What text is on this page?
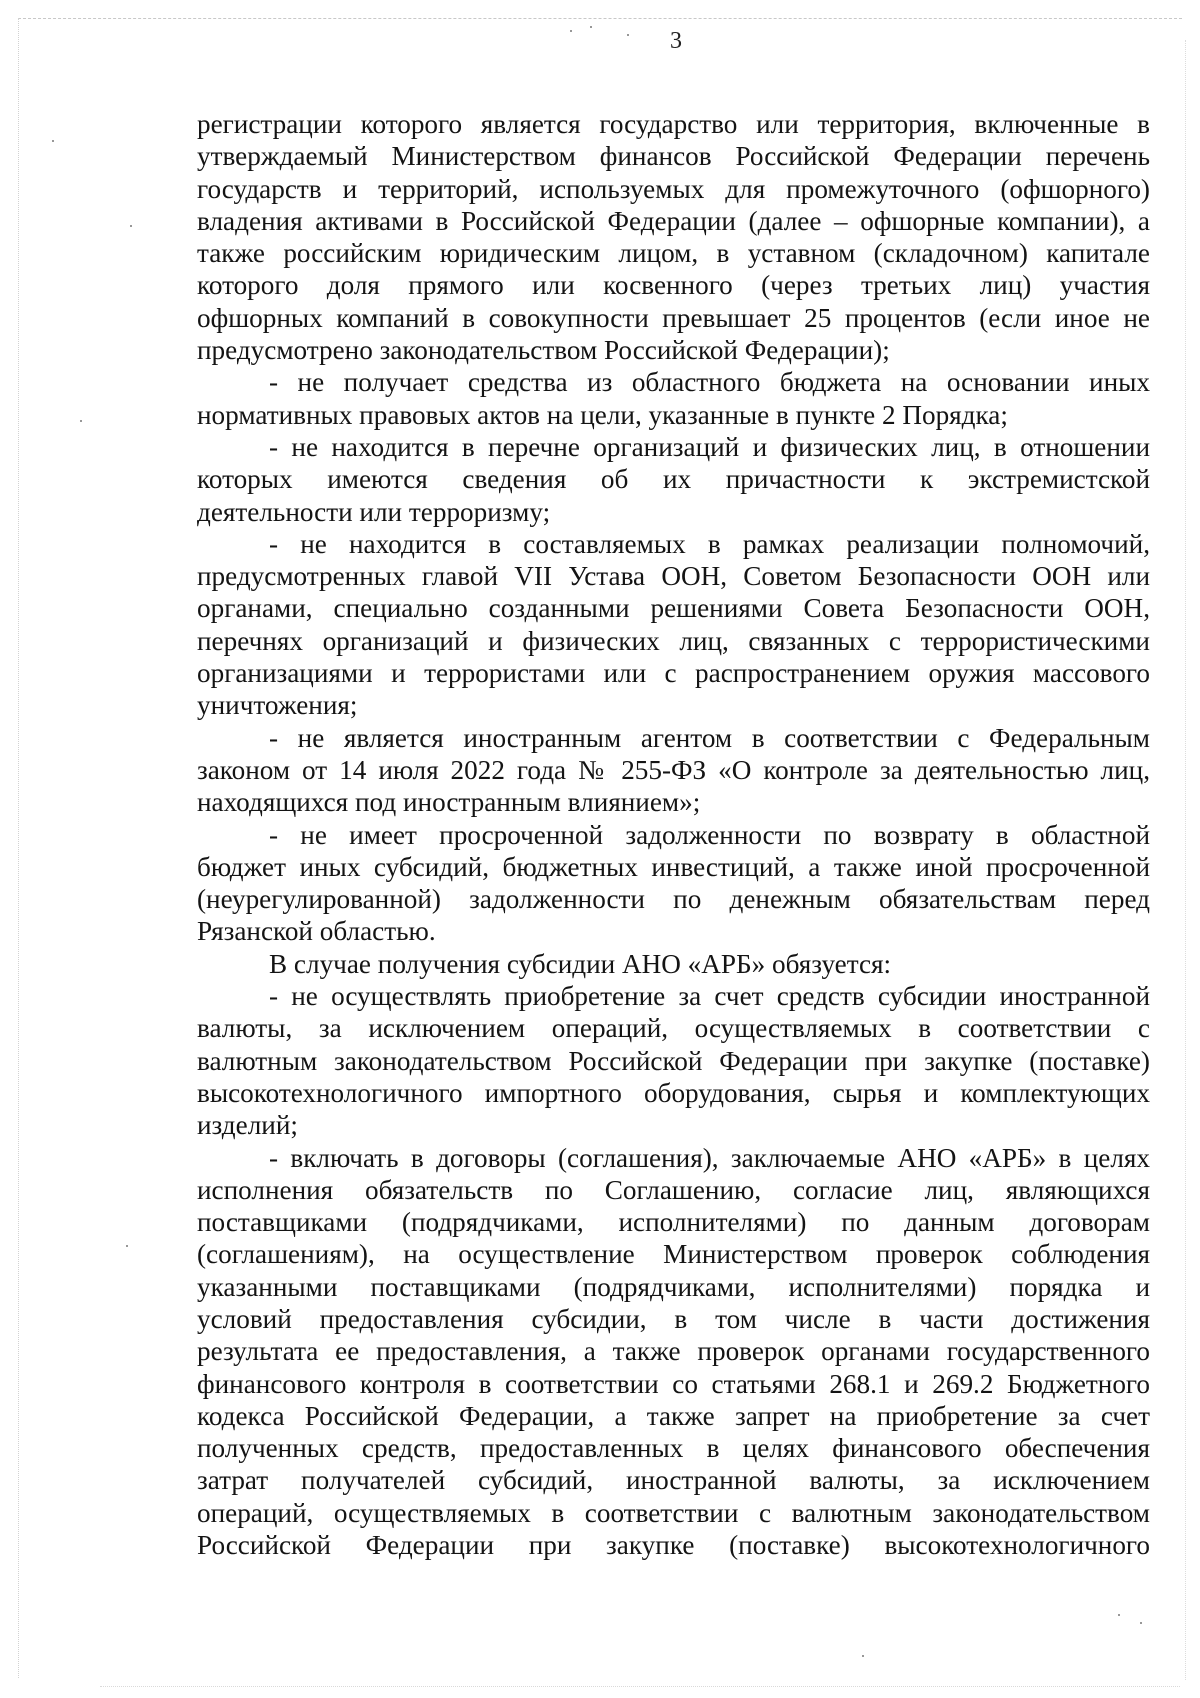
3

регистрации которого является государство или территория, включенные в

утверждаемый Министерством финансов Российской Федерации перечень

государств и территорий, используемых для промежуточного (офшорного)

владения активами в Российской Федерации (далее – офшорные компании), а

также российским юридическим лицом, в уставном (складочном) капитале

которого доля прямого или косвенного (через третьих лиц) участия

офшорных компаний в совокупности превышает 25 процентов (если иное не

предусмотрено законодательством Российской Федерации);

- не получает средства из областного бюджета на основании иных

нормативных правовых актов на цели, указанные в пункте 2 Порядка;

- не находится в перечне организаций и физических лиц, в отношении

которых имеются сведения об их причастности к экстремистской

деятельности или терроризму;

- не находится в составляемых в рамках реализации полномочий,

предусмотренных главой VII Устава ООН, Советом Безопасности ООН или

органами, специально созданными решениями Совета Безопасности ООН,

перечнях организаций и физических лиц, связанных с террористическими

организациями и террористами или с распространением оружия массового

уничтожения;

- не является иностранным агентом в соответствии с Федеральным

законом от 14 июля 2022 года № 255-ФЗ «О контроле за деятельностью лиц,

находящихся под иностранным влиянием»;

- не имеет просроченной задолженности по возврату в областной

бюджет иных субсидий, бюджетных инвестиций, а также иной просроченной

(неурегулированной) задолженности по денежным обязательствам перед

Рязанской областью.

В случае получения субсидии АНО «АРБ» обязуется:

- не осуществлять приобретение за счет средств субсидии иностранной

валюты, за исключением операций, осуществляемых в соответствии с

валютным законодательством Российской Федерации при закупке (поставке)

высокотехнологичного импортного оборудования, сырья и комплектующих

изделий;

- включать в договоры (соглашения), заключаемые АНО «АРБ» в целях

исполнения обязательств по Соглашению, согласие лиц, являющихся

поставщиками (подрядчиками, исполнителями) по данным договорам

(соглашениям), на осуществление Министерством проверок соблюдения

указанными поставщиками (подрядчиками, исполнителями) порядка и

условий предоставления субсидии, в том числе в части достижения

результата ее предоставления, а также проверок органами государственного

финансового контроля в соответствии со статьями 268.1 и 269.2 Бюджетного

кодекса Российской Федерации, а также запрет на приобретение за счет

полученных средств, предоставленных в целях финансового обеспечения

затрат получателей субсидий, иностранной валюты, за исключением

операций, осуществляемых в соответствии с валютным законодательством

Российской Федерации при закупке (поставке) высокотехнологичного
